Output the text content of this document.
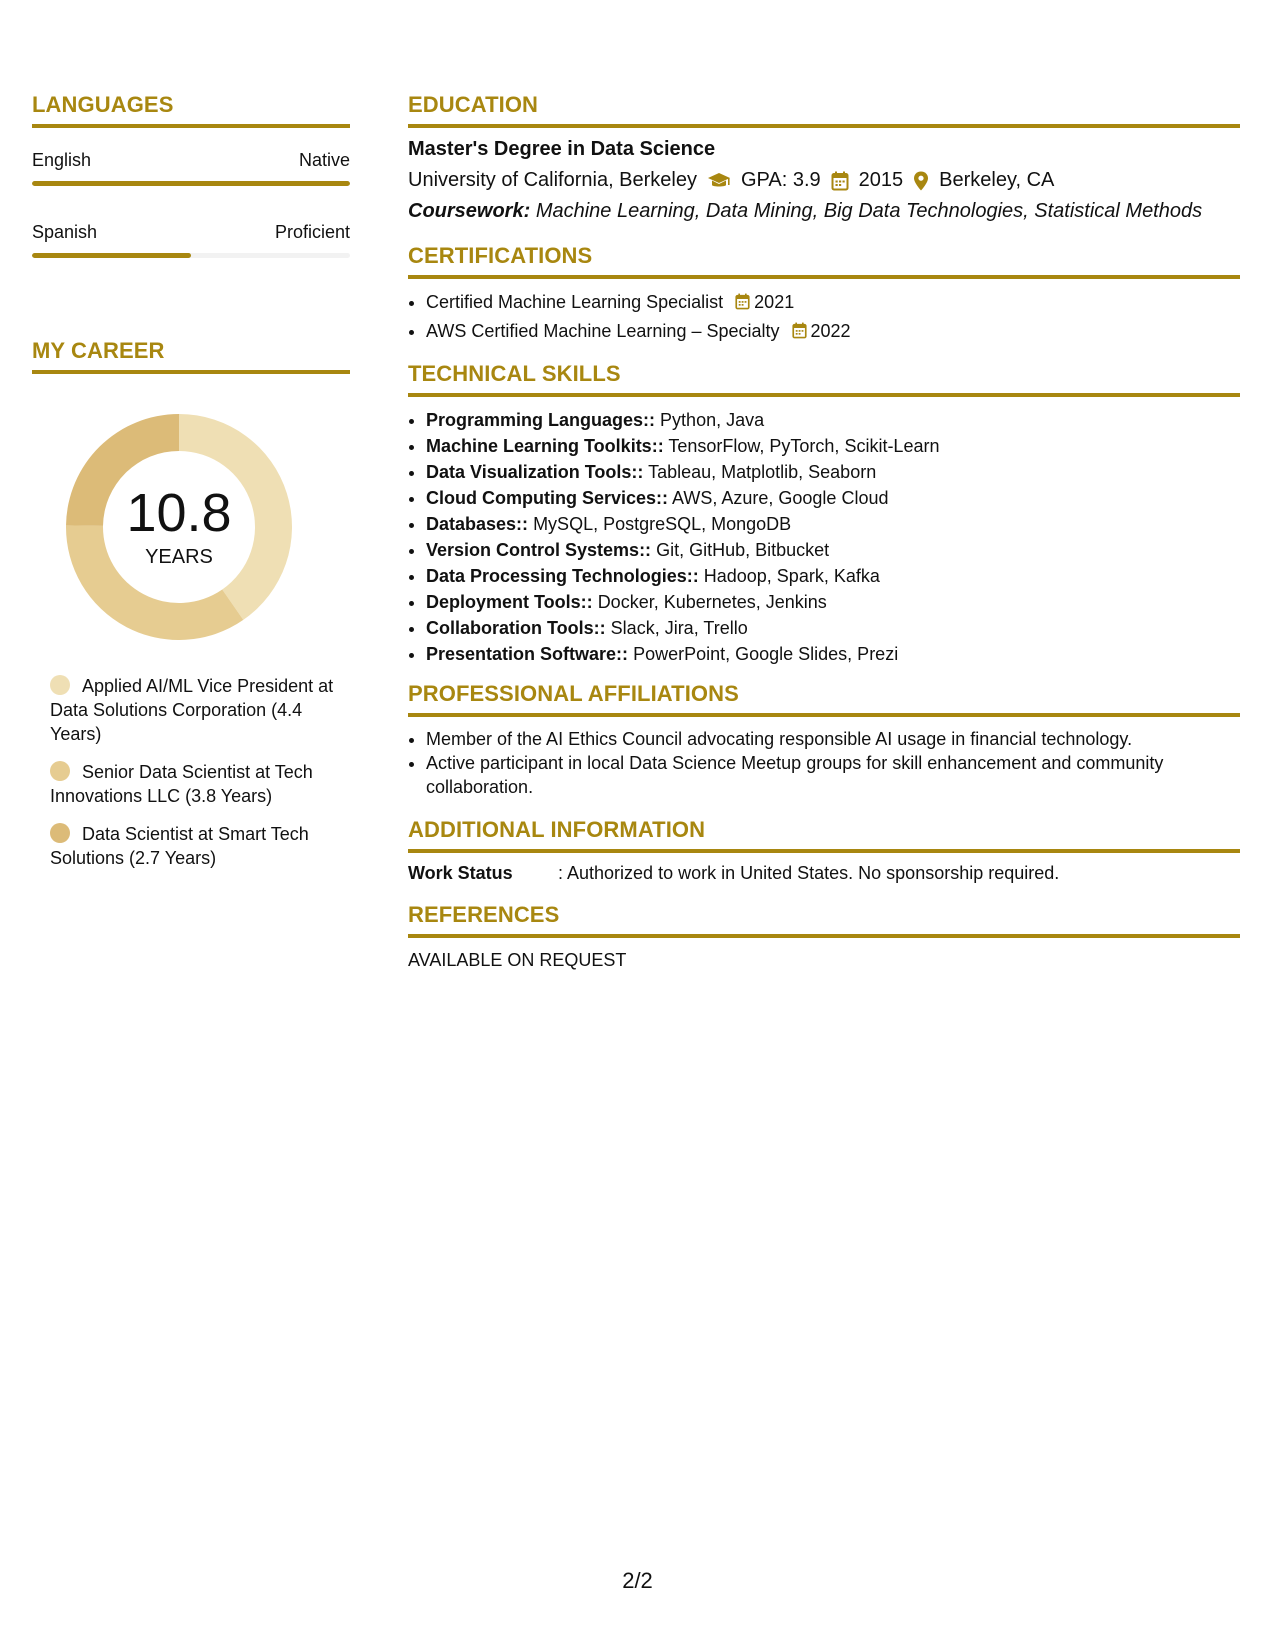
LANGUAGES
English	Native
Spanish	Proficient
MY CAREER
10.8
YEARS
Applied AI/ML Vice President at Data Solutions Corporation (4.4 Years)
Senior Data Scientist at Tech Innovations LLC (3.8 Years)
Data Scientist at Smart Tech Solutions (2.7 Years)
EDUCATION
Master's Degree in Data Science
University of California, Berkeley GPA: 3.9 2015 Berkeley, CA
Coursework: Machine Learning, Data Mining, Big Data Technologies, Statistical Methods
CERTIFICATIONS
• Certified Machine Learning Specialist 2021
• AWS Certified Machine Learning – Specialty 2022
TECHNICAL SKILLS
• Programming Languages:: Python, Java
• Machine Learning Toolkits:: TensorFlow, PyTorch, Scikit-Learn
• Data Visualization Tools:: Tableau, Matplotlib, Seaborn
• Cloud Computing Services:: AWS, Azure, Google Cloud
• Databases:: MySQL, PostgreSQL, MongoDB
• Version Control Systems:: Git, GitHub, Bitbucket
• Data Processing Technologies:: Hadoop, Spark, Kafka
• Deployment Tools:: Docker, Kubernetes, Jenkins
• Collaboration Tools:: Slack, Jira, Trello
• Presentation Software:: PowerPoint, Google Slides, Prezi
PROFESSIONAL AFFILIATIONS
• Member of the AI Ethics Council advocating responsible AI usage in financial technology.
• Active participant in local Data Science Meetup groups for skill enhancement and community collaboration.
ADDITIONAL INFORMATION
Work Status	: Authorized to work in United States. No sponsorship required.
REFERENCES
AVAILABLE ON REQUEST
2/2
